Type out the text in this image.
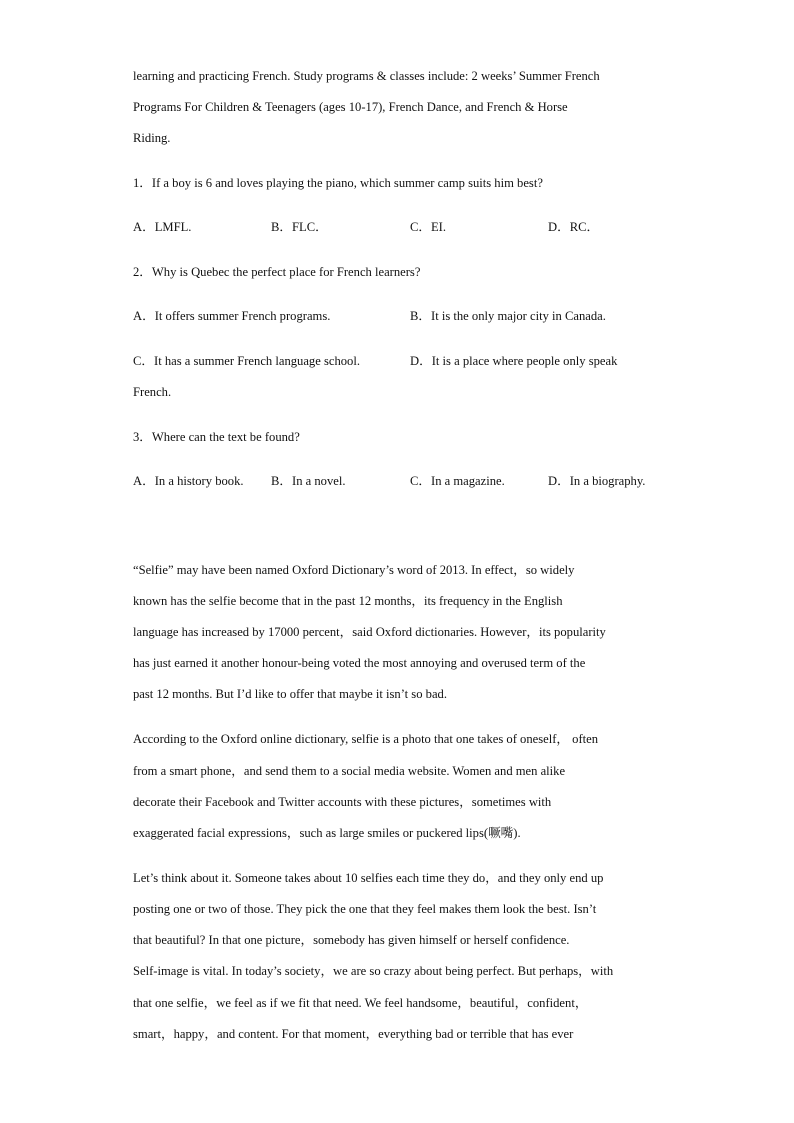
learning and practicing French. Study programs & classes include: 2 weeks’ Summer French
Programs For Children & Teenagers (ages 10-17), French Dance, and French & Horse
Riding.
1．If a boy is 6 and loves playing the piano, which summer camp suits him best?
A．LMFL.	B．FLC．	C．EI.	D．RC．
2．Why is Quebec the perfect place for French learners?
A．It offers summer French programs.	B．It is the only major city in Canada.
C．It has a summer French language school.	D．It is a place where people only speak
French.
3．Where can the text be found?
A．In a history book. B．In a novel.	C．In a magazine.	D．In a biography.
“Selfie” may have been named Oxford Dictionary’s word of 2013. In effect，so widely
known has the selfie become that in the past 12 months，its frequency in the English
language has increased by 17000 percent，said Oxford dictionaries. However，its popularity
has just earned it another honour-being voted the most annoying and overused term of the
past 12 months. But I’d like to offer that maybe it isn’t so bad.
According to the Oxford online dictionary, selfie is a photo that one takes of oneself， often
from a smart phone，and send them to a social media website. Women and men alike
decorate their Facebook and Twitter accounts with these pictures，sometimes with
exaggerated facial expressions，such as large smiles or puckered lips(噘嘴).
Let’s think about it. Someone takes about 10 selfies each time they do，and they only end up
posting one or two of those. They pick the one that they feel makes them look the best. Isn’t
that beautiful? In that one picture，somebody has given himself or herself confidence.
Self-image is vital. In today’s society，we are so crazy about being perfect. But perhaps，with
that one selfie，we feel as if we fit that need. We feel handsome，beautiful，confident，
smart，happy，and content. For that moment，everything bad or terrible that has ever
